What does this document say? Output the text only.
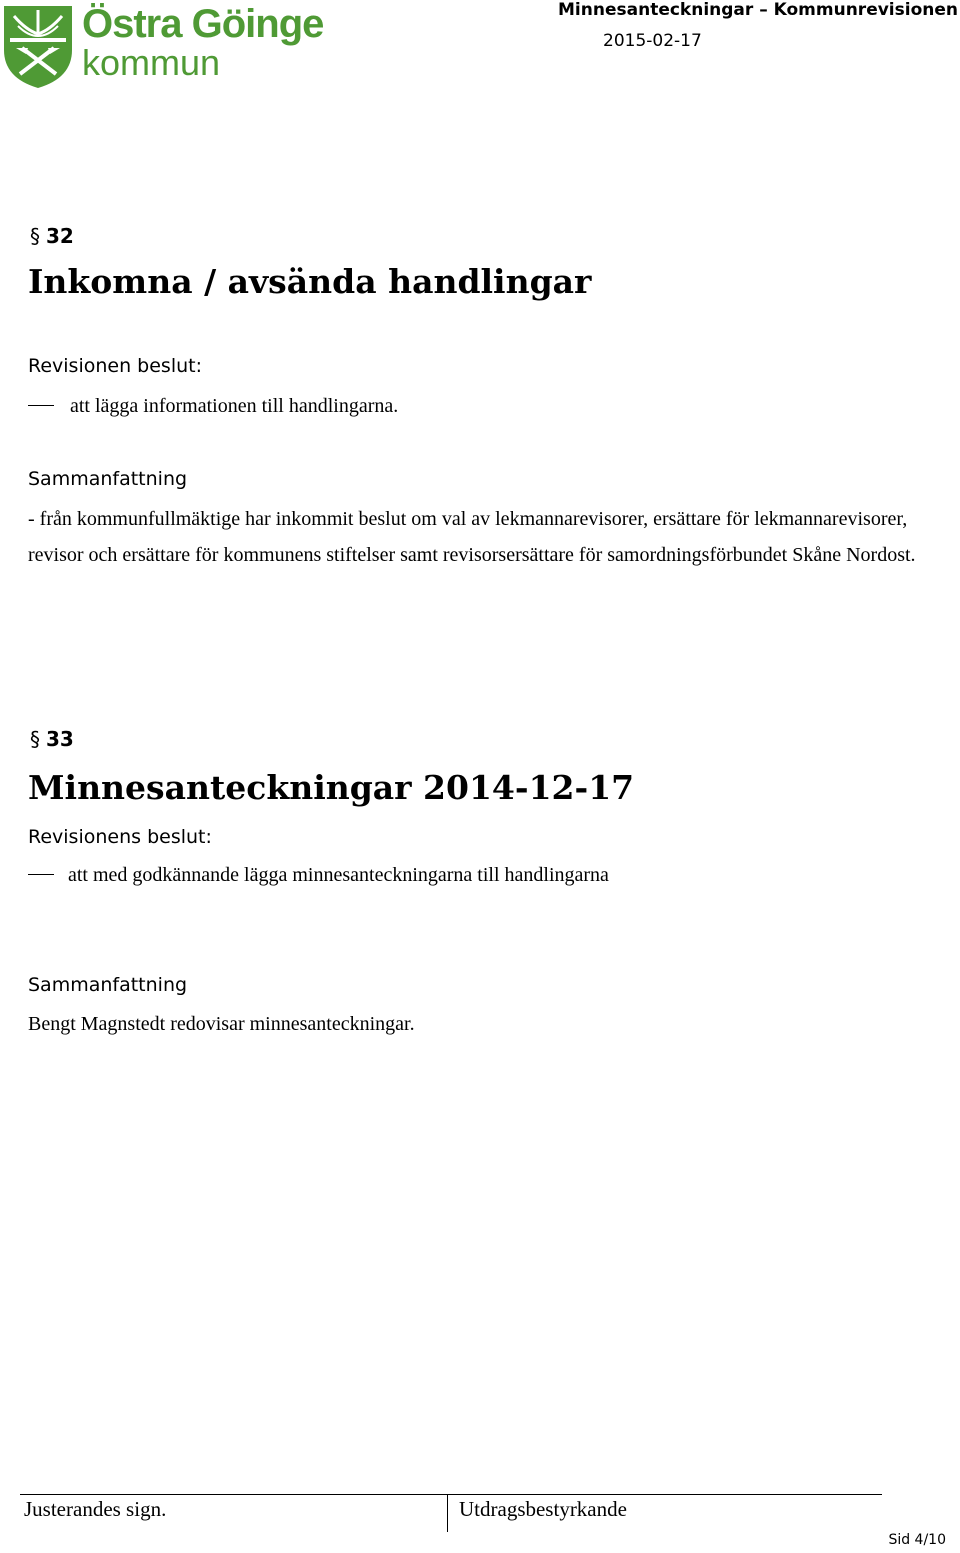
Östra Göinge
kommun
Minnesanteckningar – Kommunrevisionen
2015-02-17
§ 32
Inkomna / avsända handlingar
Revisionen beslut:
att lägga informationen till handlingarna.
Sammanfattning
- från kommunfullmäktige har inkommit beslut om val av lekmannarevisorer, ersättare för lekmannarevisorer, revisor och ersättare för kommunens stiftelser samt revisorsersättare för samordningsförbundet Skåne Nordost.
§ 33
Minnesanteckningar 2014-12-17
Revisionens beslut:
att med godkännande lägga minnesanteckningarna till handlingarna
Sammanfattning
Bengt Magnstedt redovisar minnesanteckningar.
Justerandes sign.	Utdragsbestyrkande
Sid 4/10
